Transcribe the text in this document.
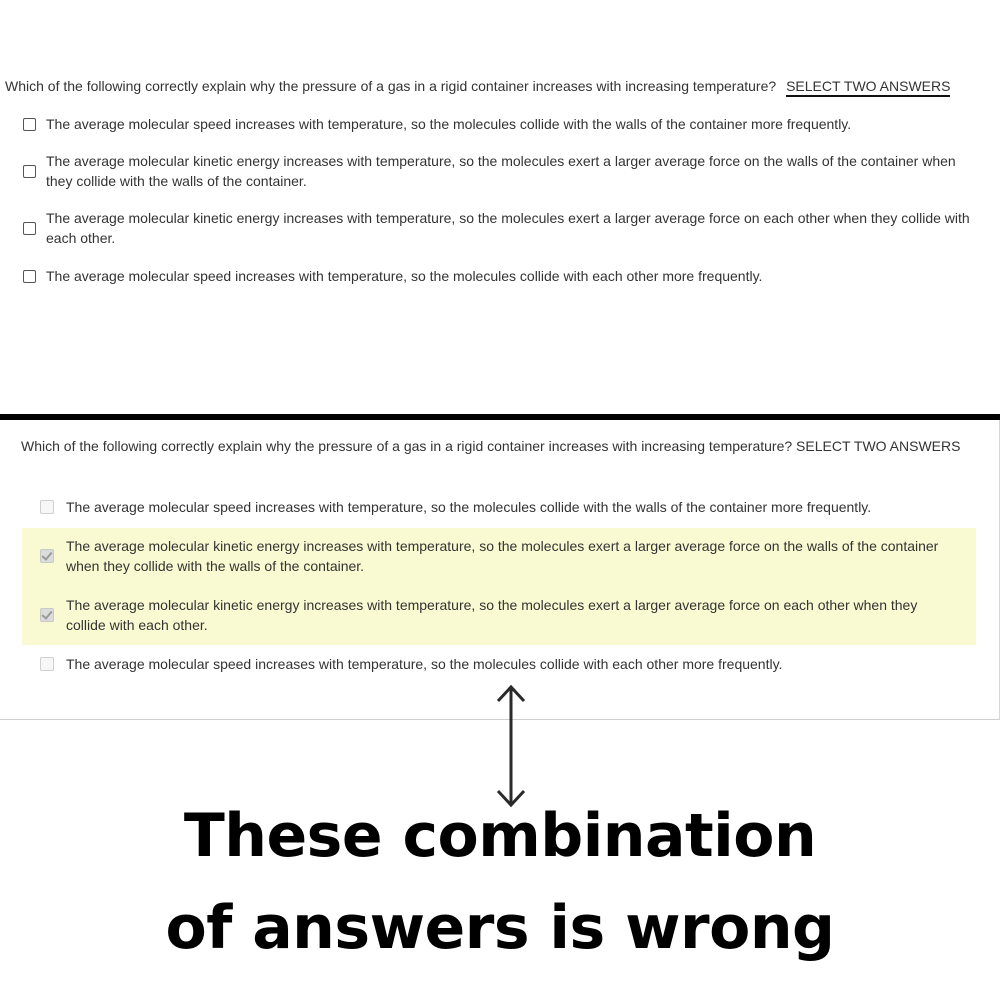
Which of the following correctly explain why the pressure of a gas in a rigid container increases with increasing temperature? SELECT TWO ANSWERS
The average molecular speed increases with temperature, so the molecules collide with the walls of the container more frequently.
The average molecular kinetic energy increases with temperature, so the molecules exert a larger average force on the walls of the container when they collide with the walls of the container.
The average molecular kinetic energy increases with temperature, so the molecules exert a larger average force on each other when they collide with each other.
The average molecular speed increases with temperature, so the molecules collide with each other more frequently.
Which of the following correctly explain why the pressure of a gas in a rigid container increases with increasing temperature? SELECT TWO ANSWERS
The average molecular speed increases with temperature, so the molecules collide with the walls of the container more frequently.
The average molecular kinetic energy increases with temperature, so the molecules exert a larger average force on the walls of the container when they collide with the walls of the container.
The average molecular kinetic energy increases with temperature, so the molecules exert a larger average force on each other when they collide with each other.
The average molecular speed increases with temperature, so the molecules collide with each other more frequently.
These combination
of answers is wrong
